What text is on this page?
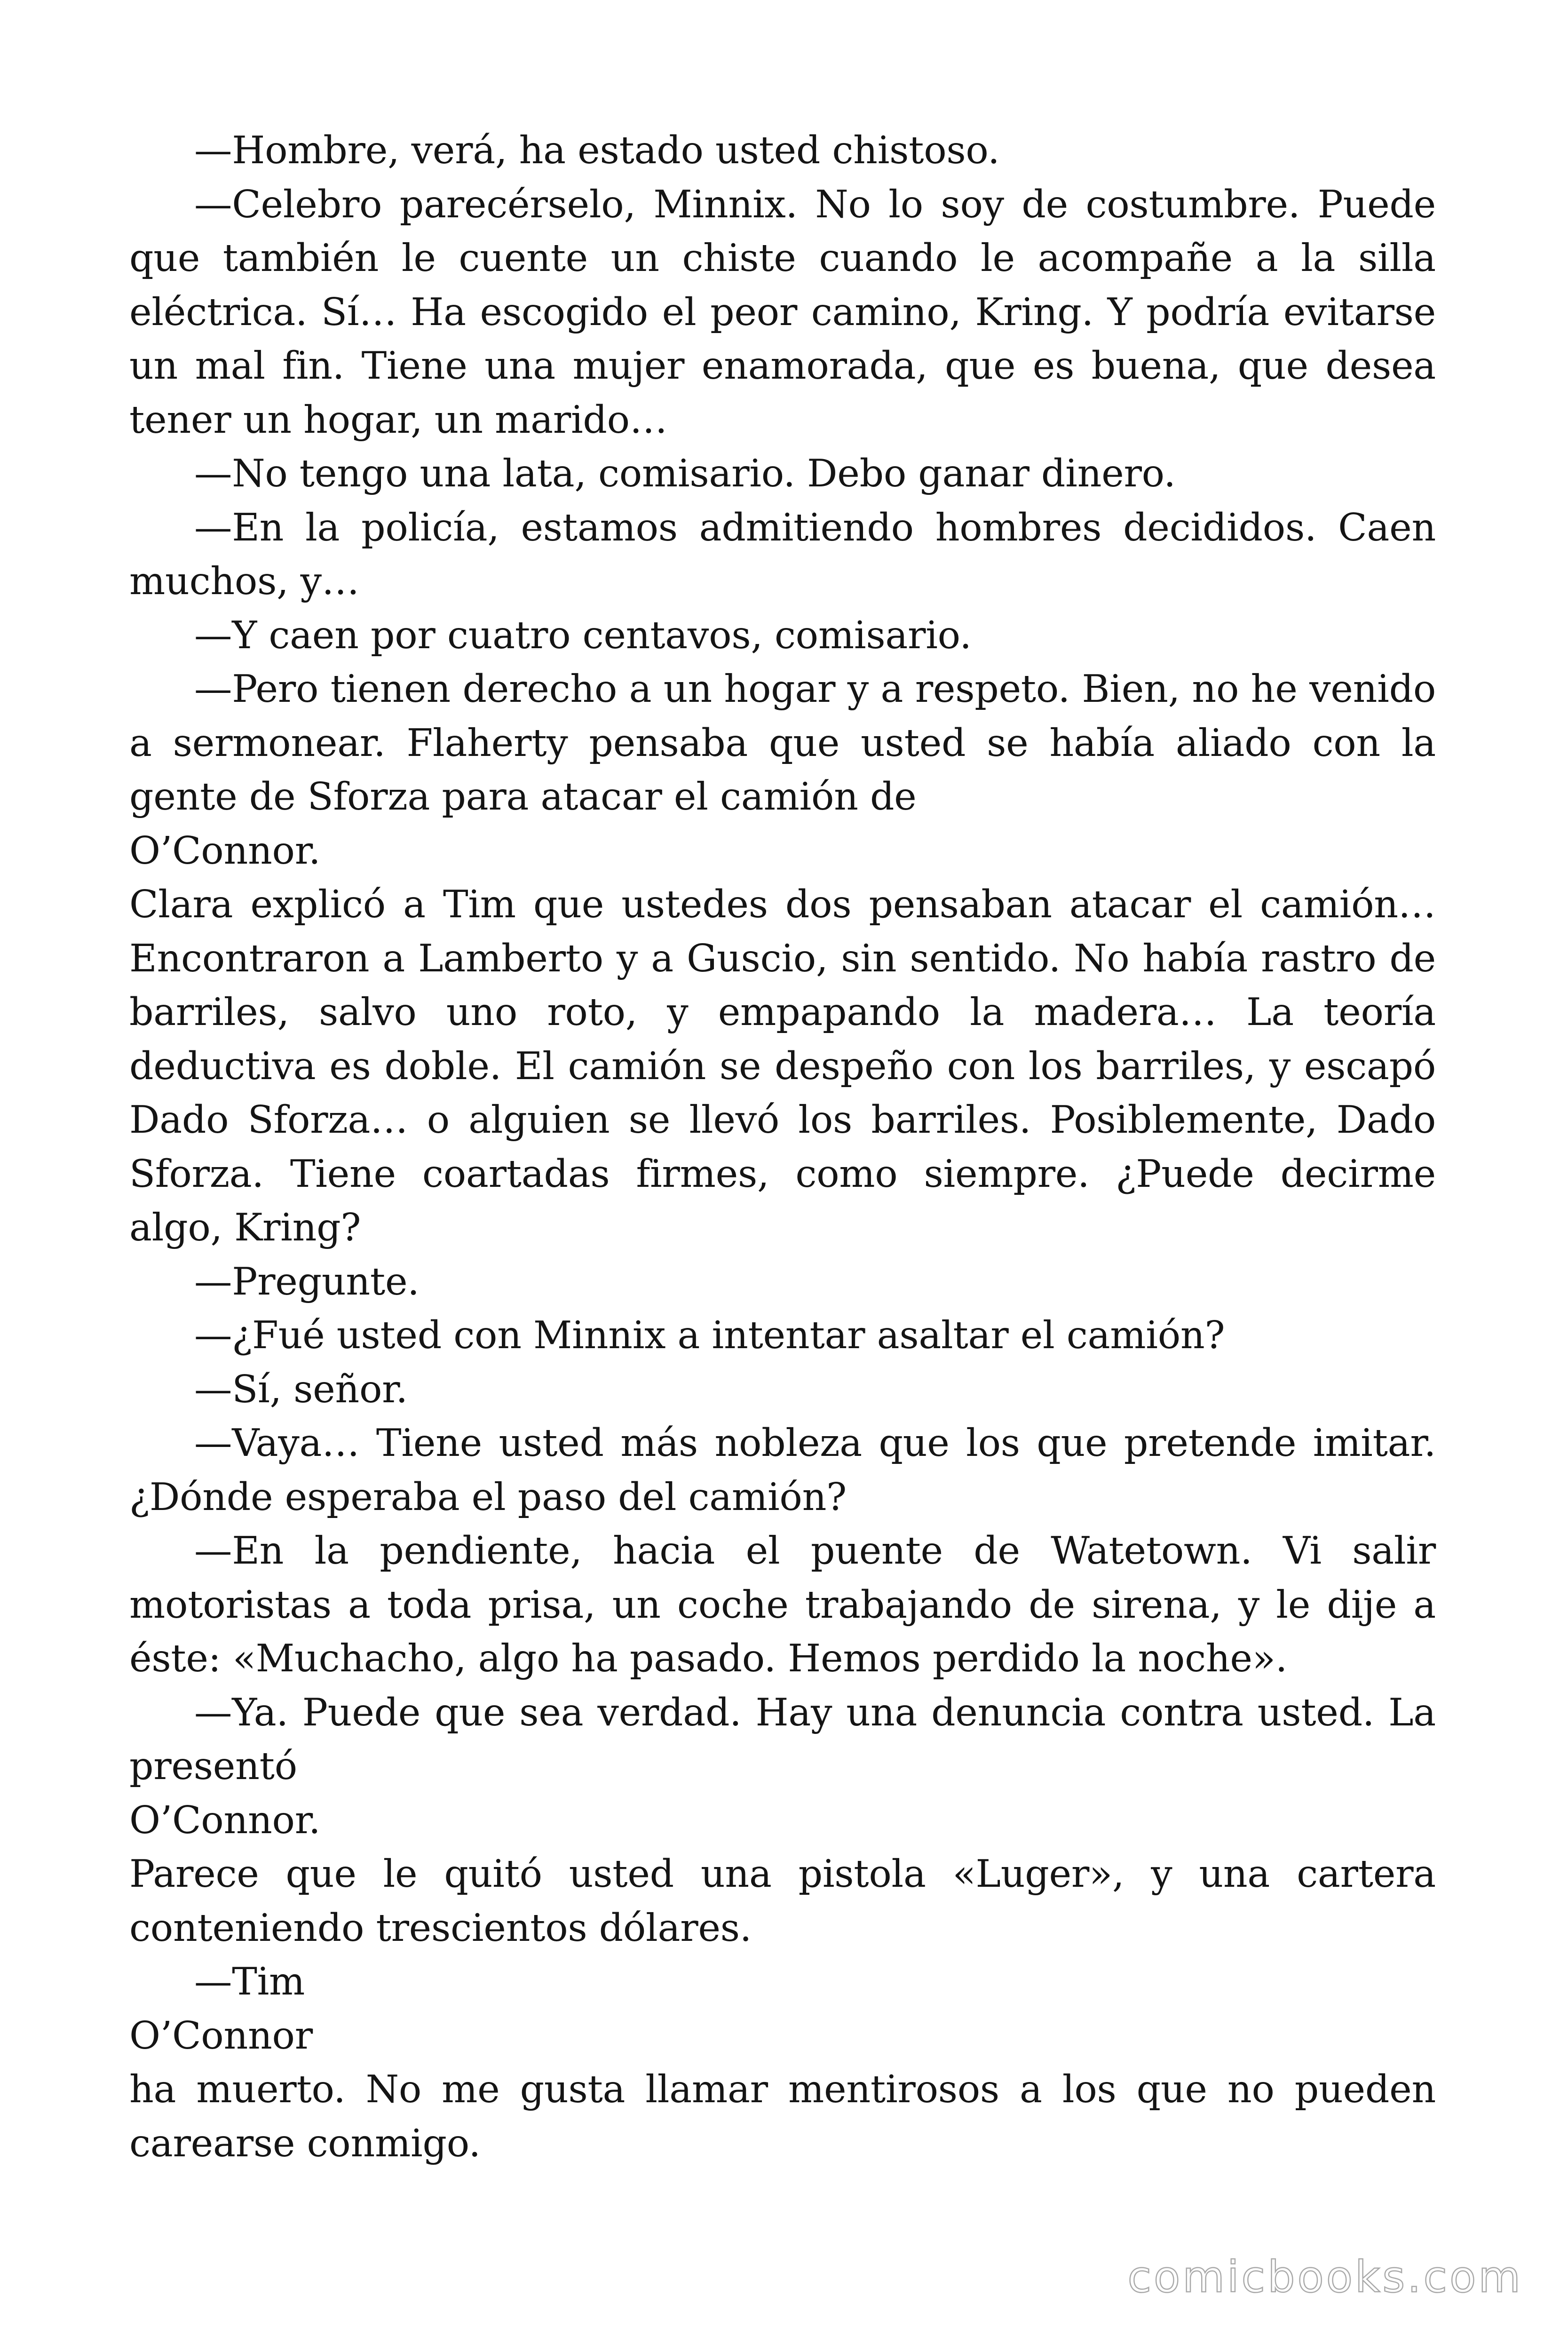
—Hombre, verá, ha estado usted chistoso.

—Celebro parecérselo, Minnix. No lo soy de costumbre. Puede que también le cuente un chiste cuando le acompañe a la silla eléctrica. Sí… Ha escogido el peor camino, Kring. Y podría evitarse un mal fin. Tiene una mujer enamorada, que es buena, que desea tener un hogar, un marido…

—No tengo una lata, comisario. Debo ganar dinero.

—En la policía, estamos admitiendo hombres decididos. Caen muchos, y…

—Y caen por cuatro centavos, comisario.

—Pero tienen derecho a un hogar y a respeto. Bien, no he venido a sermonear. Flaherty pensaba que usted se había aliado con la gente de Sforza para atacar el camión de

O’Connor.

Clara explicó a Tim que ustedes dos pensaban atacar el camión… Encontraron a Lamberto y a Guscio, sin sentido. No había rastro de barriles, salvo uno roto, y empapando la madera… La teoría deductiva es doble. El camión se despeño con los barriles, y escapó Dado Sforza… o alguien se llevó los barriles. Posiblemente, Dado Sforza. Tiene coartadas firmes, como siempre. ¿Puede decirme algo, Kring?

—Pregunte.

—¿Fué usted con Minnix a intentar asaltar el camión?

—Sí, señor.

—Vaya… Tiene usted más nobleza que los que pretende imitar. ¿Dónde esperaba el paso del camión?

—En la pendiente, hacia el puente de Watetown. Vi salir motoristas a toda prisa, un coche trabajando de sirena, y le dije a éste: «Muchacho, algo ha pasado. Hemos perdido la noche».

—Ya. Puede que sea verdad. Hay una denuncia contra usted. La presentó

O’Connor.

Parece que le quitó usted una pistola «Luger», y una cartera conteniendo trescientos dólares.

—Tim

O’Connor

ha muerto. No me gusta llamar mentirosos a los que no pueden carearse conmigo.

comicbooks.com
